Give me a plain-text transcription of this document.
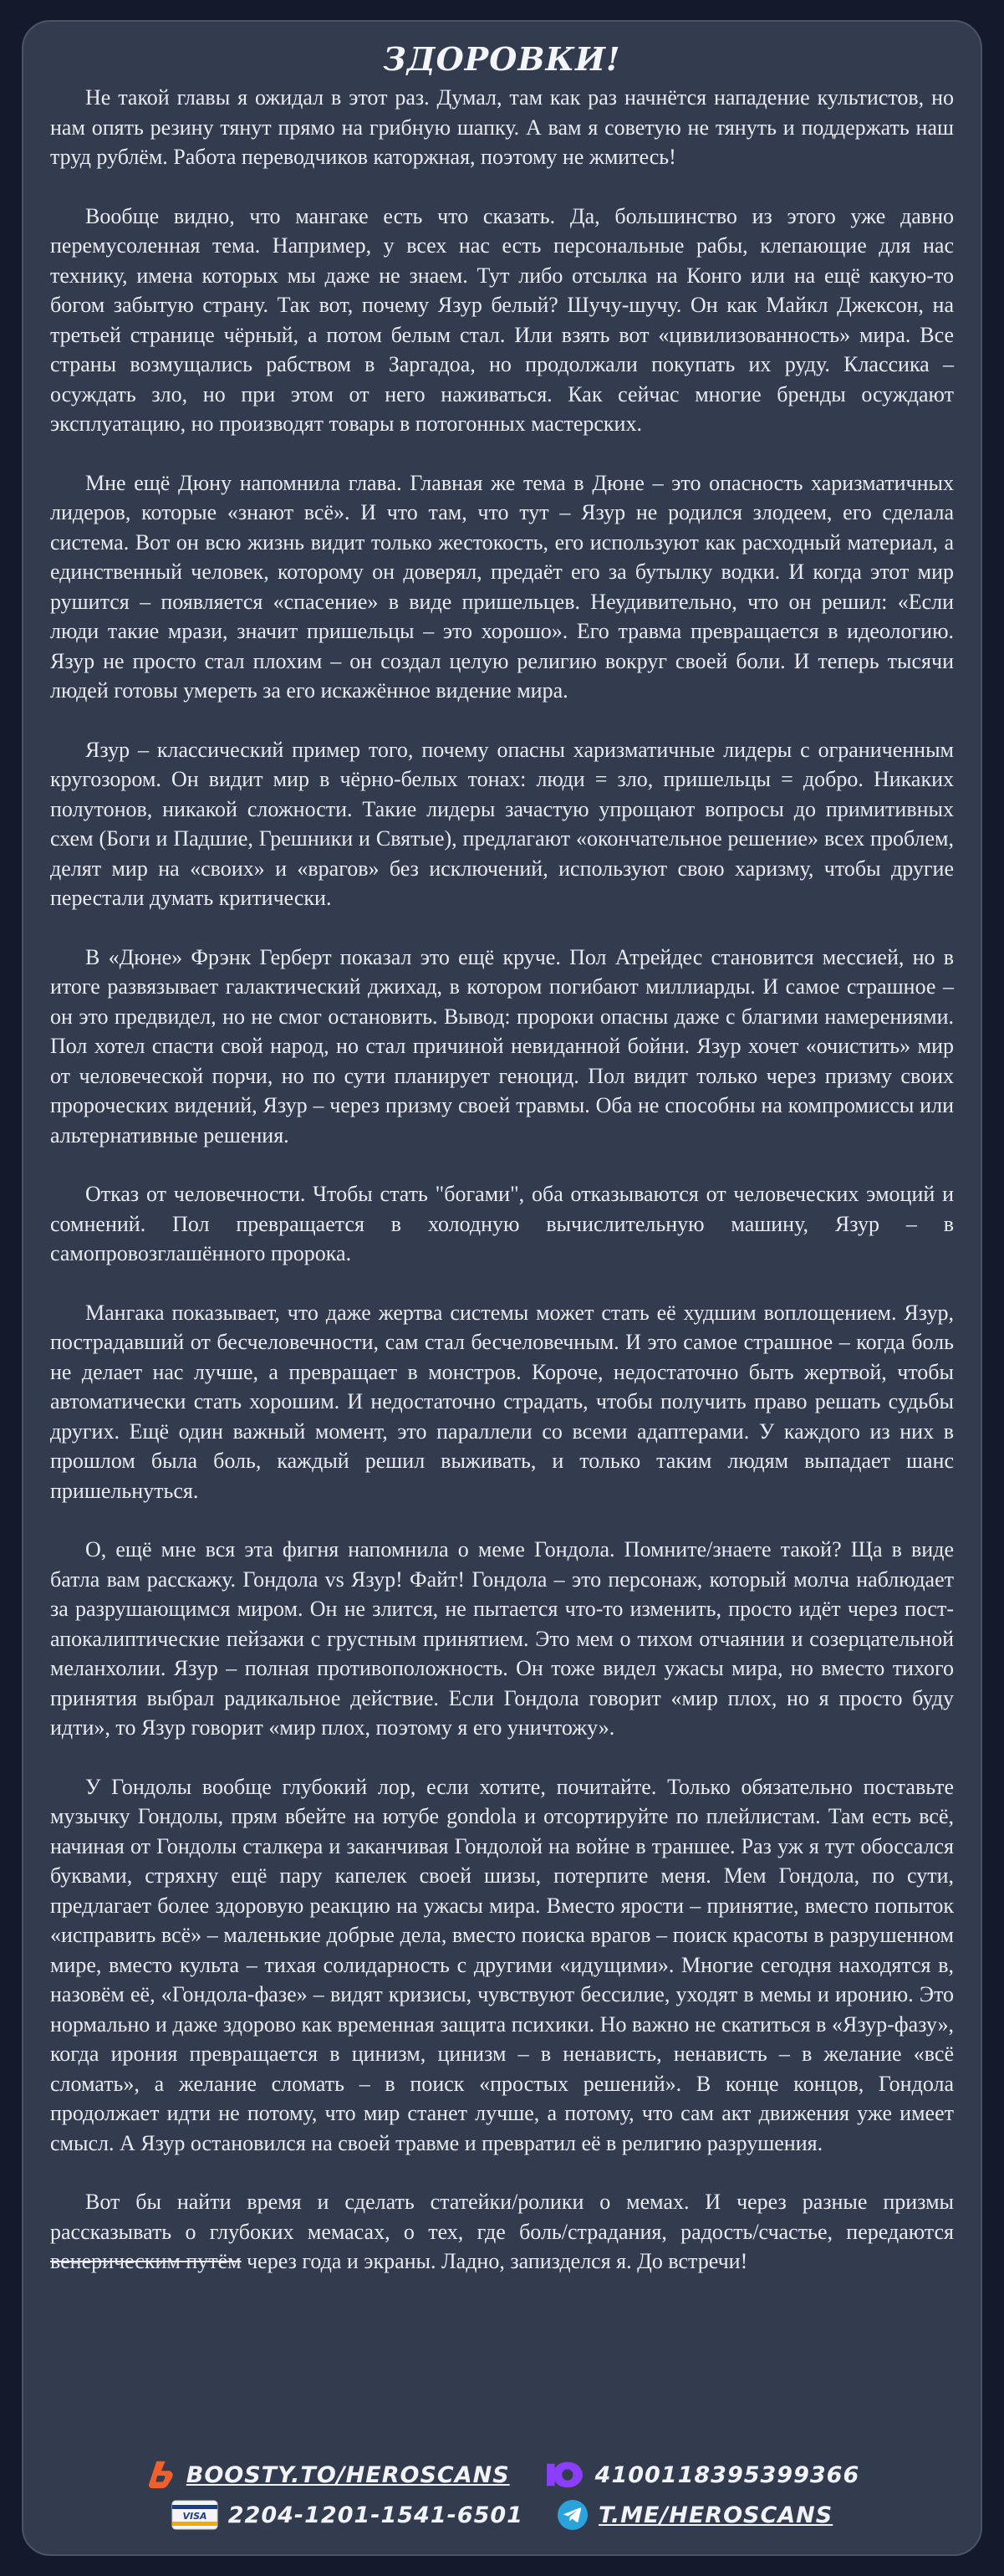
ЗДОРОВКИ!

Не такой главы я ожидал в этот раз. Думал, там как раз начнётся нападение культистов, но нам опять резину тянут прямо на грибную шапку. А вам я советую не тянуть и поддержать наш труд рублём. Работа переводчиков каторжная, поэтому не жмитесь!

Вообще видно, что мангаке есть что сказать. Да, большинство из этого уже давно перемусоленная тема. Например, у всех нас есть персональные рабы, клепающие для нас технику, имена которых мы даже не знаем. Тут либо отсылка на Конго или на ещё какую-то богом забытую страну. Так вот, почему Язур белый? Шучу-шучу. Он как Майкл Джексон, на третьей странице чёрный, а потом белым стал. Или взять вот «цивилизованность» мира. Все страны возмущались рабством в Заргадоа, но продолжали покупать их руду. Классика – осуждать зло, но при этом от него наживаться. Как сейчас многие бренды осуждают эксплуатацию, но производят товары в потогонных мастерских.

Мне ещё Дюну напомнила глава. Главная же тема в Дюне – это опасность харизматичных лидеров, которые «знают всё». И что там, что тут – Язур не родился злодеем, его сделала система. Вот он всю жизнь видит только жестокость, его используют как расходный материал, а единственный человек, которому он доверял, предаёт его за бутылку водки. И когда этот мир рушится – появляется «спасение» в виде пришельцев. Неудивительно, что он решил: «Если люди такие мрази, значит пришельцы – это хорошо». Его травма превращается в идеологию. Язур не просто стал плохим – он создал целую религию вокруг своей боли. И теперь тысячи людей готовы умереть за его искажённое видение мира.

Язур – классический пример того, почему опасны харизматичные лидеры с ограниченным кругозором. Он видит мир в чёрно-белых тонах: люди = зло, пришельцы = добро. Никаких полутонов, никакой сложности. Такие лидеры зачастую упрощают вопросы до примитивных схем (Боги и Падшие, Грешники и Святые), предлагают «окончательное решение» всех проблем, делят мир на «своих» и «врагов» без исключений, используют свою харизму, чтобы другие перестали думать критически.

В «Дюне» Фрэнк Герберт показал это ещё круче. Пол Атрейдес становится мессией, но в итоге развязывает галактический джихад, в котором погибают миллиарды. И самое страшное – он это предвидел, но не смог остановить. Вывод: пророки опасны даже с благими намерениями. Пол хотел спасти свой народ, но стал причиной невиданной бойни. Язур хочет «очистить» мир от человеческой порчи, но по сути планирует геноцид. Пол видит только через призму своих пророческих видений, Язур – через призму своей травмы. Оба не способны на компромиссы или альтернативные решения.

Отказ от человечности. Чтобы стать "богами", оба отказываются от человеческих эмоций и сомнений. Пол превращается в холодную вычислительную машину, Язур – в самопровозглашённого пророка.

Мангака показывает, что даже жертва системы может стать её худшим воплощением. Язур, пострадавший от бесчеловечности, сам стал бесчеловечным. И это самое страшное – когда боль не делает нас лучше, а превращает в монстров. Короче, недостаточно быть жертвой, чтобы автоматически стать хорошим. И недостаточно страдать, чтобы получить право решать судьбы других. Ещё один важный момент, это параллели со всеми адаптерами. У каждого из них в прошлом была боль, каждый решил выживать, и только таким людям выпадает шанс пришельнуться.

О, ещё мне вся эта фигня напомнила о меме Гондола. Помните/знаете такой? Ща в виде батла вам расскажу. Гондола vs Язур! Файт! Гондола – это персонаж, который молча наблюдает за разрушающимся миром. Он не злится, не пытается что-то изменить, просто идёт через пост-апокалиптические пейзажи с грустным принятием. Это мем о тихом отчаянии и созерцательной меланхолии. Язур – полная противоположность. Он тоже видел ужасы мира, но вместо тихого принятия выбрал радикальное действие. Если Гондола говорит «мир плох, но я просто буду идти», то Язур говорит «мир плох, поэтому я его уничтожу».

У Гондолы вообще глубокий лор, если хотите, почитайте. Только обязательно поставьте музычку Гондолы, прям вбейте на ютубе gondola и отсортируйте по плейлистам. Там есть всё, начиная от Гондолы сталкера и заканчивая Гондолой на войне в траншее. Раз уж я тут обоссался буквами, стряхну ещё пару капелек своей шизы, потерпите меня. Мем Гондола, по сути, предлагает более здоровую реакцию на ужасы мира. Вместо ярости – принятие, вместо попыток «исправить всё» – маленькие добрые дела, вместо поиска врагов – поиск красоты в разрушенном мире, вместо культа – тихая солидарность с другими «идущими». Многие сегодня находятся в, назовём её, «Гондола-фазе» – видят кризисы, чувствуют бессилие, уходят в мемы и иронию. Это нормально и даже здорово как временная защита психики. Но важно не скатиться в «Язур-фазу», когда ирония превращается в цинизм, цинизм – в ненависть, ненависть – в желание «всё сломать», а желание сломать – в поиск «простых решений». В конце концов, Гондола продолжает идти не потому, что мир станет лучше, а потому, что сам акт движения уже имеет смысл. А Язур остановился на своей травме и превратил её в религию разрушения.

Вот бы найти время и сделать статейки/ролики о мемах. И через разные призмы рассказывать о глубоких мемасах, о тех, где боль/страдания, радость/счастье, передаются венерическим путём через года и экраны. Ладно, запизделся я. До встречи!

BOOSTY.TO/HEROSCANS	4100118395399366
VISA 2204-1201-1541-6501	T.ME/HEROSCANS
